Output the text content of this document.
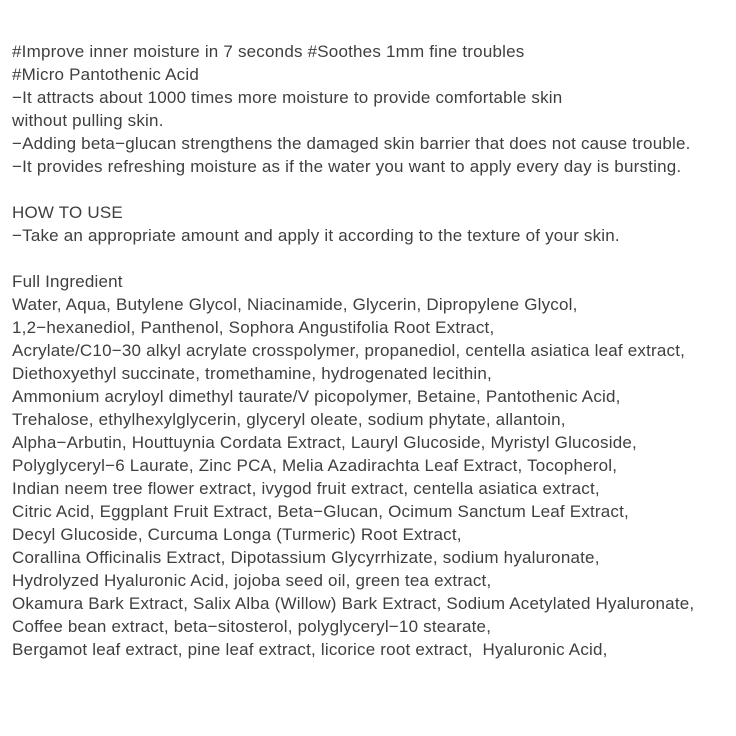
#Improve inner moisture in 7 seconds #Soothes 1mm fine troubles
#Micro Pantothenic Acid
−It attracts about 1000 times more moisture to provide comfortable skin
without pulling skin.
−Adding beta−glucan strengthens the damaged skin barrier that does not cause trouble.
−It provides refreshing moisture as if the water you want to apply every day is bursting.
HOW TO USE
−Take an appropriate amount and apply it according to the texture of your skin.
Full Ingredient
Water, Aqua, Butylene Glycol, Niacinamide, Glycerin, Dipropylene Glycol,
1,2−hexanediol, Panthenol, Sophora Angustifolia Root Extract,
Acrylate/C10−30 alkyl acrylate crosspolymer, propanediol, centella asiatica leaf extract,
Diethoxyethyl succinate, tromethamine, hydrogenated lecithin,
Ammonium acryloyl dimethyl taurate/V picopolymer, Betaine, Pantothenic Acid,
Trehalose, ethylhexylglycerin, glyceryl oleate, sodium phytate, allantoin,
Alpha−Arbutin, Houttuynia Cordata Extract, Lauryl Glucoside, Myristyl Glucoside,
Polyglyceryl−6 Laurate, Zinc PCA, Melia Azadirachta Leaf Extract, Tocopherol,
Indian neem tree flower extract, ivygod fruit extract, centella asiatica extract,
Citric Acid, Eggplant Fruit Extract, Beta−Glucan, Ocimum Sanctum Leaf Extract,
Decyl Glucoside, Curcuma Longa (Turmeric) Root Extract,
Corallina Officinalis Extract, Dipotassium Glycyrrhizate, sodium hyaluronate,
Hydrolyzed Hyaluronic Acid, jojoba seed oil, green tea extract,
Okamura Bark Extract, Salix Alba (Willow) Bark Extract, Sodium Acetylated Hyaluronate,
Coffee bean extract, beta−sitosterol, polyglyceryl−10 stearate,
Bergamot leaf extract, pine leaf extract, licorice root extract,  Hyaluronic Acid,
